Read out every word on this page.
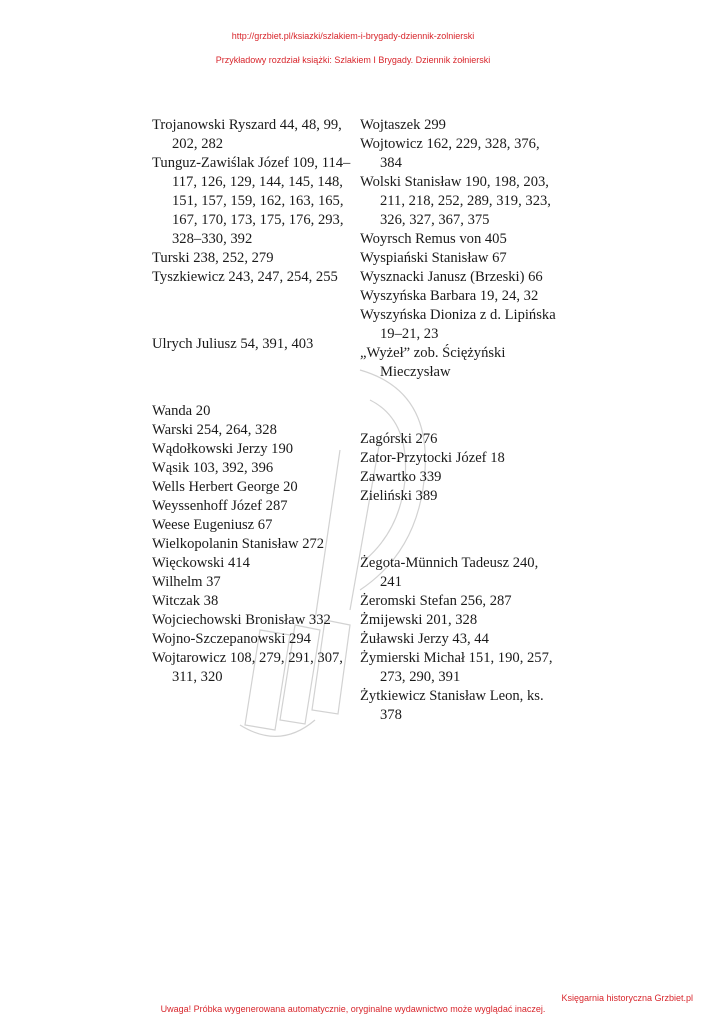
http://grzbiet.pl/ksiazki/szlakiem-i-brygady-dziennik-zolnierski
Przykładowy rozdział książki: Szlakiem I Brygady. Dziennik żołnierski

Trojanowski Ryszard 44, 48, 99, 202, 282

Tunguz-Zawiślak Józef 109, 114–117, 126, 129, 144, 145, 148, 151, 157, 159, 162, 163, 165, 167, 170, 173, 175, 176, 293, 328–330, 392

Turski 238, 252, 279

Tyszkiewicz 243, 247, 254, 255

Ulrych Juliusz 54, 391, 403

Wanda 20

Warski 254, 264, 328

Wądołkowski Jerzy 190

Wąsik 103, 392, 396

Wells Herbert George 20

Weyssenhoff Józef 287

Weese Eugeniusz 67

Wielkopolanin Stanisław 272

Więckowski 414

Wilhelm 37

Witczak 38

Wojciechowski Bronisław 332

Wojno-Szczepanowski 294

Wojtarowicz 108, 279, 291, 307, 311, 320

Wojtaszek 299

Wojtowicz 162, 229, 328, 376, 384

Wolski Stanisław 190, 198, 203, 211, 218, 252, 289, 319, 323, 326, 327, 367, 375

Woyrsch Remus von 405

Wyspiański Stanisław 67

Wysznacki Janusz (Brzeski) 66

Wyszyńska Barbara 19, 24, 32

Wyszyńska Dioniza z d. Lipińska 19–21, 23

„Wyżeł” zob. Ściężyński Mieczysław

Zagórski 276

Zator-Przytocki Józef 18

Zawartko 339

Zieliński 389

Żegota-Münnich Tadeusz 240, 241

Żeromski Stefan 256, 287

Żmijewski 201, 328

Żuławski Jerzy 43, 44

Żymierski Michał 151, 190, 257, 273, 290, 391

Żytkiewicz Stanisław Leon, ks. 378

Księgarnia historyczna Grzbiet.pl
Uwaga! Próbka wygenerowana automatycznie, oryginalne wydawnictwo może wyglądać inaczej.
